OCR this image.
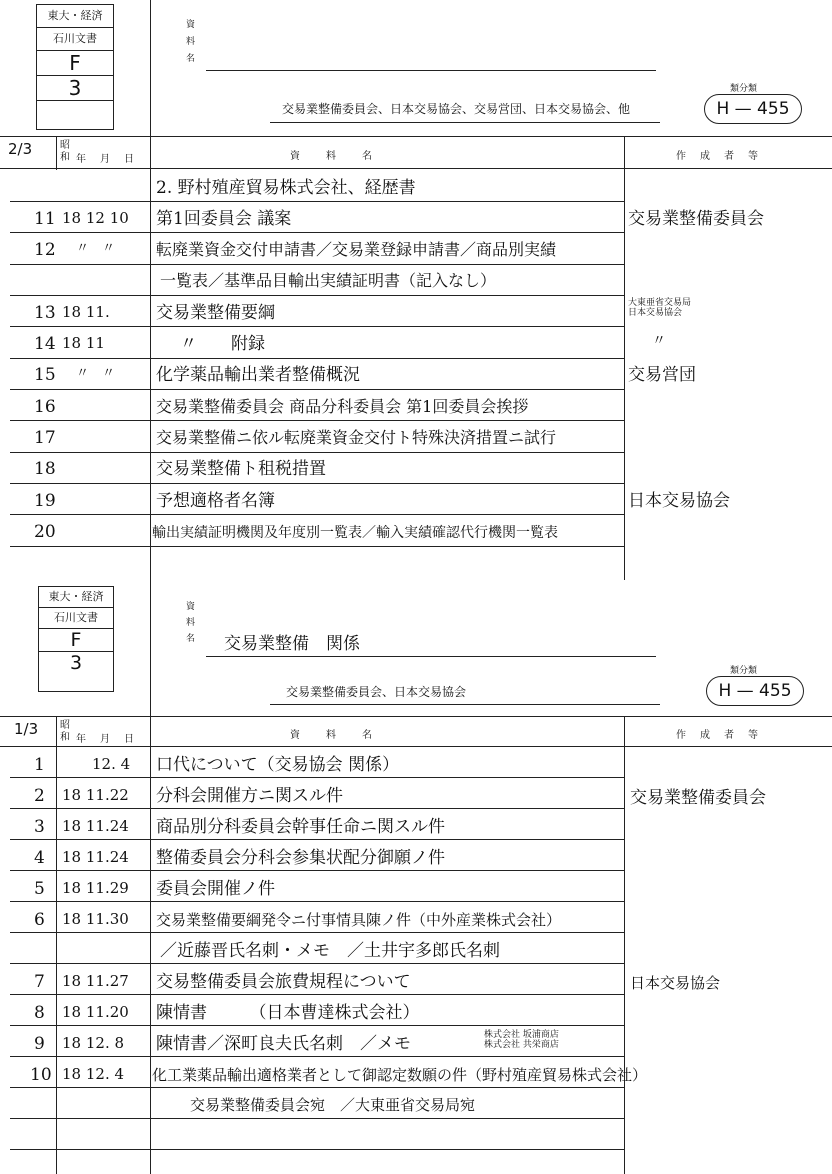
東大・経済
石川文書
F
3
資
料
名
交易業整備委員会、日本交易協会、交易営団、日本交易協会、他
類分類
H — 455
2/3	昭和 年　月　日	資　　料　　名	作　成　者　等
2. 野村殖産貿易株式会社、経歴書
11 18 12 10 第1回委員会 議案	交易業整備委員会
12 〃　〃	転廃業資金交付申請書／交易業登録申請書／商品別実績
一覧表／基準品目輸出実績証明書（記入なし）
13 18 11.	交易業整備要綱	大東亜省交易局
日本交易協会
14 18 11	〃　　附録	〃
15 〃　〃 化学薬品輸出業者整備概況	交易営団
16	交易業整備委員会 商品分科委員会 第1回委員会挨拶
17	交易業整備ニ依ル転廃業資金交付ト特殊決済措置ニ試行
18	交易業整備ト租税措置
19	予想適格者名簿	日本交易協会
20	輸出実績証明機関及年度別一覧表／輸入実績確認代行機関一覧表
東大・経済
石川文書
F
3
資
料
名 交易業整備　関係
交易業整備委員会、日本交易協会
類分類
H — 455
1/3 昭和 年　月　日	資　　料　　名	作　成　者　等
1	12. 4 口代について（交易協会 関係）
2 18 11.22 分科会開催方ニ関スル件	交易業整備委員会
3 18 11.24 商品別分科委員会幹事任命ニ関スル件
4 18 11.24 整備委員会分科会参集状配分御願ノ件
5 18 11.29 委員会開催ノ件
6 18 11.30 交易業整備要綱発令ニ付事情具陳ノ件（中外産業株式会社）
／近藤晋氏名刺・メモ　／土井宇多郎氏名刺
7 18 11.27 交易整備委員会旅費規程について	日本交易協会
8 18 11.20 陳情書　　　（日本曹達株式会社）
9 18 12. 8 陳情書／深町良夫氏名刺　／メモ	株式会社 坂浦商店
株式会社 共栄商店
10 18 12. 4 化工業薬品輸出適格業者として御認定数願の件（野村殖産貿易株式会社）
交易業整備委員会宛　／大東亜省交易局宛
